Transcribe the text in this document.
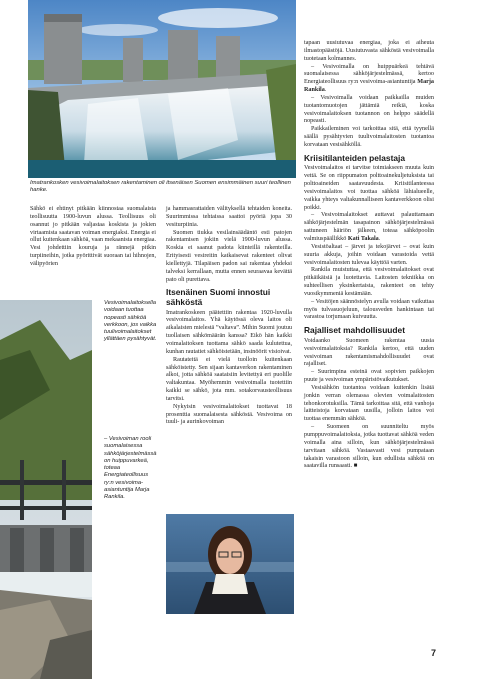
Imatrankosken vesivoimalaitoksen rakentaminen oli itsenäisen Suomen ensimmäinen suuri teollinen hanke.

Sähkö ei ehtinyt pitkään kiinnostaa suomalaista teollisuutta 1900-luvun alussa. Teollisuus oli osannut jo pitkään valjastaa koskista ja jokien virtaamista saatavan voiman energiaksi. Energia ei ollut kuitenkaan sähköä, vaan mekaanista energiaa. Vesi johdettiin kouruja ja rännejä pitkin turpiineihin, jotka pyörittivät suoraan tai hihnojen, välipyörien

Vesivoimalaitoksella voidaan tuottaa nopeasti sähköä verkkoon, jos vaikka tuulivoimalaitokset yllättäen pysähtyvät.
– Vesivoiman rooli suomalaisessa sähköjärjestelmässä on huippuvarkeä, toteaa Energiateollisuus ry:n vesivoima-asiantuntija Marja Rankila.

ja hammasrattaiden välityksellä tehtaiden koneita. Suurimmissa tehtaissa saattoi pyöriä jopa 30 vesiturpiinia.

Suomen tiukka vesilainsäädäntö esti patojen rakentamisen jokiin vielä 1900-luvun alussa. Koskia ei saanut padota kiinteillä rakenteilla. Erityisesti vesireitin katkaisevat rakenteet olivat kiellettyjä. Tilapäisen padon sai rakentaa yhdeksi talveksi kerrallaan, mutta ennen seuraavaa kevättä pato oli purettava.

Itsenäinen Suomi innostui sähköstä

Imatrankoskeen päätettiin rakentaa 1920-luvulla vesivoimalaitos. Yhä käytössä oleva laitos oli aikalaisten mielestä ”valtava”. Mihin Suomi joutuu tuollaisen sähkömäärän kanssa? Eikö hän kaikki voimalaitoksen tuottama sähkö saada kulutettua, kunhan rautatiet sähköistetään, insinöörit visioivat.

Rautateitä ei vielä tuolloin kuitenkaan sähköistetty. Sen sijaan kantaverkon rakentaminen alkoi, jotta sähköä saataisiin levitettyä eri puolille valtakuntaa. Myöhemmin vesivoimalla tuotettiin kaikki se sähkö, jota mm. sotakorvausteollisuus tarvitsi.

Nykyisin vesivoimalaitokset tuottavat 18 prosenttia suomalaisesta sähköstä. Vesivoima on tuuli- ja aurinkovoiman

tapaan uusiutuvaa energiaa, joka ei aiheuta ilmastopäästöjä. Uusiutuvasta sähköstä vesivoimalla tuotetaan kolmannes.

– Vesivoimalla on huippuärkeä tehtävä suomalaisessa sähköjärjestelmässä, kertoo Energiateollisuus ry:n vesivoima-asiantuntija Marja Rankila.

– Vesivoimalla voidaan paikkailla muiden tuotantomuotojen jättämiä reikiä, koska vesivoimalaitoksen tuotannon on helppo säädellä nopeasti.

Paikkaileminen voi tarkoittaa sitä, että tyynellä säällä pysähtyvien tuulivoimalaitosten tuotantoa korvataan vesisähköllä.

Kriisitilanteiden pelastaja

Vesivoimalaitos ei tarvitse toimiakseen muuta kuin vettä. Se on riippumaton polttoainekuljetuksista tai polttoaineiden saatavuudesta. Kriisitilanteessa vesivoimalaitos voi tuottaa sähköä lähialueelle, vaikka yhteys valtakunnalliseen kantaverkkoon olisi poikki.

– Vesivoimalaitokset auttavat palauttamaan sähköjärjestelmän tasapainon sähköjärjestelmässä sattuneen häiriön jälkeen, toteaa sähköpoolin valmiuspäällikkö Kati Takala.

Vesistöaltaat – järvet ja tekojärvet – ovat kuin suuria akkuja, joihin voidaan varastoida vettä vesivoimalaitosten tulevaa käyttöä varten.

Rankila muistuttaa, että vesivoimalaitokset ovat pitkäikäisiä ja luotettavia. Laitosten tekniikka on suhteellisen yksinkertaista, rakenteet on tehty vuosikymmeniä kestämään.

– Vesitöjen säännöstelyn avulla voidaan vaikuttaa myös tulvasuojeluun, talousveden hankintaan tai varastoa torjumaan kuivuutta.

Rajalliset mahdollisuudet

Voidaanko Suomeen rakentaa uusia vesivoimalaitoksia? Rankila kertoo, että uuden vesivoiman rakentamismahdollisuudet ovat rajalliset.

– Suurimpina esteinä ovat sopivien paikkojen puute ja vesivoiman ympäristövaikutukset.

Vesisähkön tuotantoa voidaan kuitenkin lisätä jonkin verran olemassa olevien voimalaitosten tehonkorotuksilla. Tämä tarkoittaa sitä, että vanhoja laitteistoja korvataan uusilla, jolloin laitos voi tuottaa enemmän sähköä.

– Suomeen on suunniteltu myös pumppuvoimalaitoksia, jotka tuottavat sähköä veden voimalla aina silloin, kun sähköjärjestelmässä tarvitaan sähköä. Vastaavasti vesi pumpataan takaisin varastoon silloin, kun edullista sähköä on saatavilla runsaasti. ■

7
